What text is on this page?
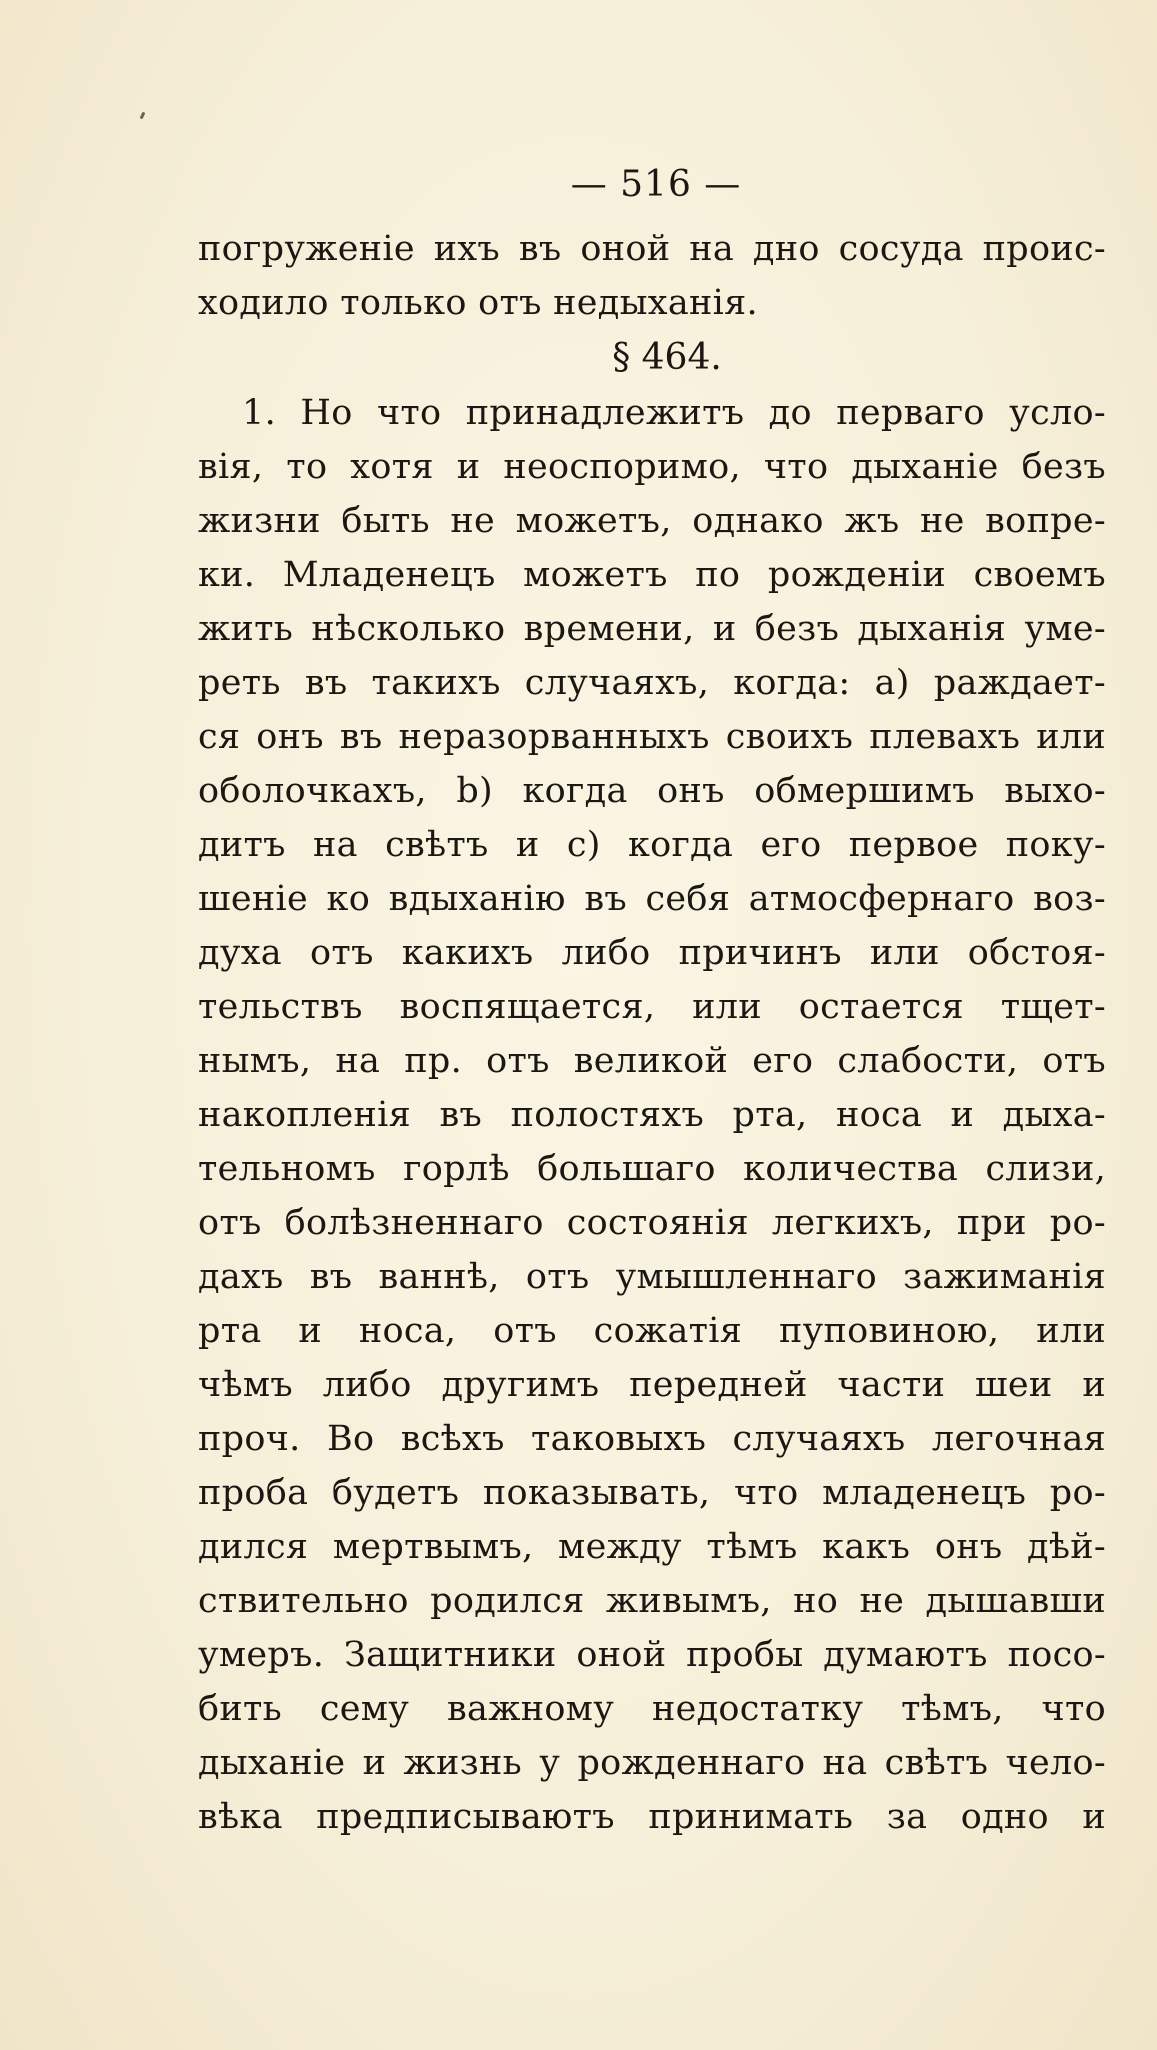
— 516 —
погруженіе ихъ въ оной на дно сосуда проис-
ходило только отъ недыханія.
§ 464.
1. Но что принадлежитъ до перваго усло-
вія, то хотя и неоспоримо, что дыханіе безъ
жизни быть не можетъ, однако жъ не вопре-
ки. Младенецъ можетъ по рожденіи своемъ
жить нѣсколько времени, и безъ дыханія уме-
реть въ такихъ случаяхъ, когда: a) раждает-
ся онъ въ неразорванныхъ своихъ плевахъ или
оболочкахъ, b) когда онъ обмершимъ выхо-
дитъ на свѣтъ и c) когда его первое поку-
шеніе ко вдыханію въ себя атмосфернаго воз-
духа отъ какихъ либо причинъ или обстоя-
тельствъ воспящается, или остается тщет-
нымъ, на пр. отъ великой его слабости, отъ
накопленія въ полостяхъ рта, носа и дыха-
тельномъ горлѣ большаго количества слизи,
отъ болѣзненнаго состоянія легкихъ, при ро-
дахъ въ ваннѣ, отъ умышленнаго зажиманія
рта и носа, отъ сожатія пуповиною, или
чѣмъ либо другимъ передней части шеи и
проч. Во всѣхъ таковыхъ случаяхъ легочная
проба будетъ показывать, что младенецъ ро-
дился мертвымъ, между тѣмъ какъ онъ дѣй-
ствительно родился живымъ, но не дышавши
умеръ. Защитники оной пробы думаютъ посо-
бить сему важному недостатку тѣмъ, что
дыханіе и жизнь у рожденнаго на свѣтъ чело-
вѣка предписываютъ принимать за одно и
